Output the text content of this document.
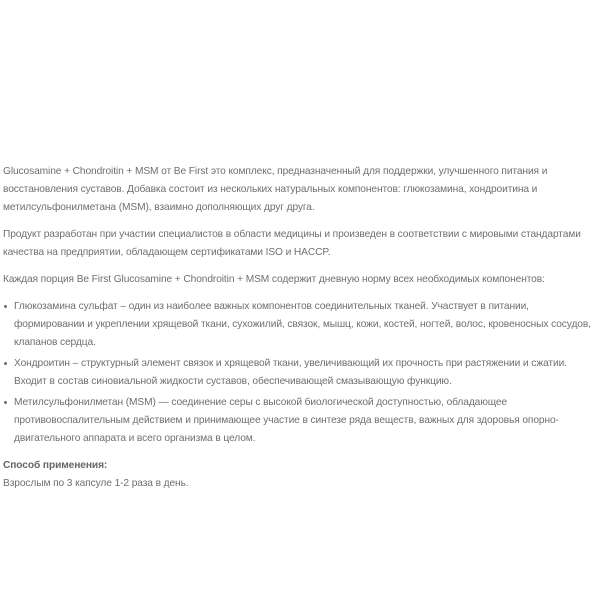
Glucosamine + Chondroitin + MSM от Be First это комплекс, предназначенный для поддержки, улучшенного питания и восстановления суставов. Добавка состоит из нескольких натуральных компонентов: глюкозамина, хондроитина и метилсульфонилметана (MSM), взаимно дополняющих друг друга.

Продукт разработан при участии специалистов в области медицины и произведен в соответствии с мировыми стандартами качества на предприятии, обладающем сертификатами ISO и HACCP.

Каждая порция Be First Glucosamine + Chondroitin + MSM содержит дневную норму всех необходимых компонентов:

Глюкозамина сульфат – один из наиболее важных компонентов соединительных тканей. Участвует в питании, формировании и укреплении хрящевой ткани, сухожилий, связок, мышц, кожи, костей, ногтей, волос, кровеносных сосудов, клапанов сердца.
Хондроитин – структурный элемент связок и хрящевой ткани, увеличивающий их прочность при растяжении и сжатии. Входит в состав синовиальной жидкости суставов, обеспечивающей смазывающую функцию.
Метилсульфонилметан (MSM) — соединение серы с высокой биологической доступностью, обладающее противовоспалительным действием и принимающее участие в синтезе ряда веществ, важных для здоровья опорно-двигательного аппарата и всего организма в целом.

Способ применения:

Взрослым по 3 капсуле 1-2 раза в день.
